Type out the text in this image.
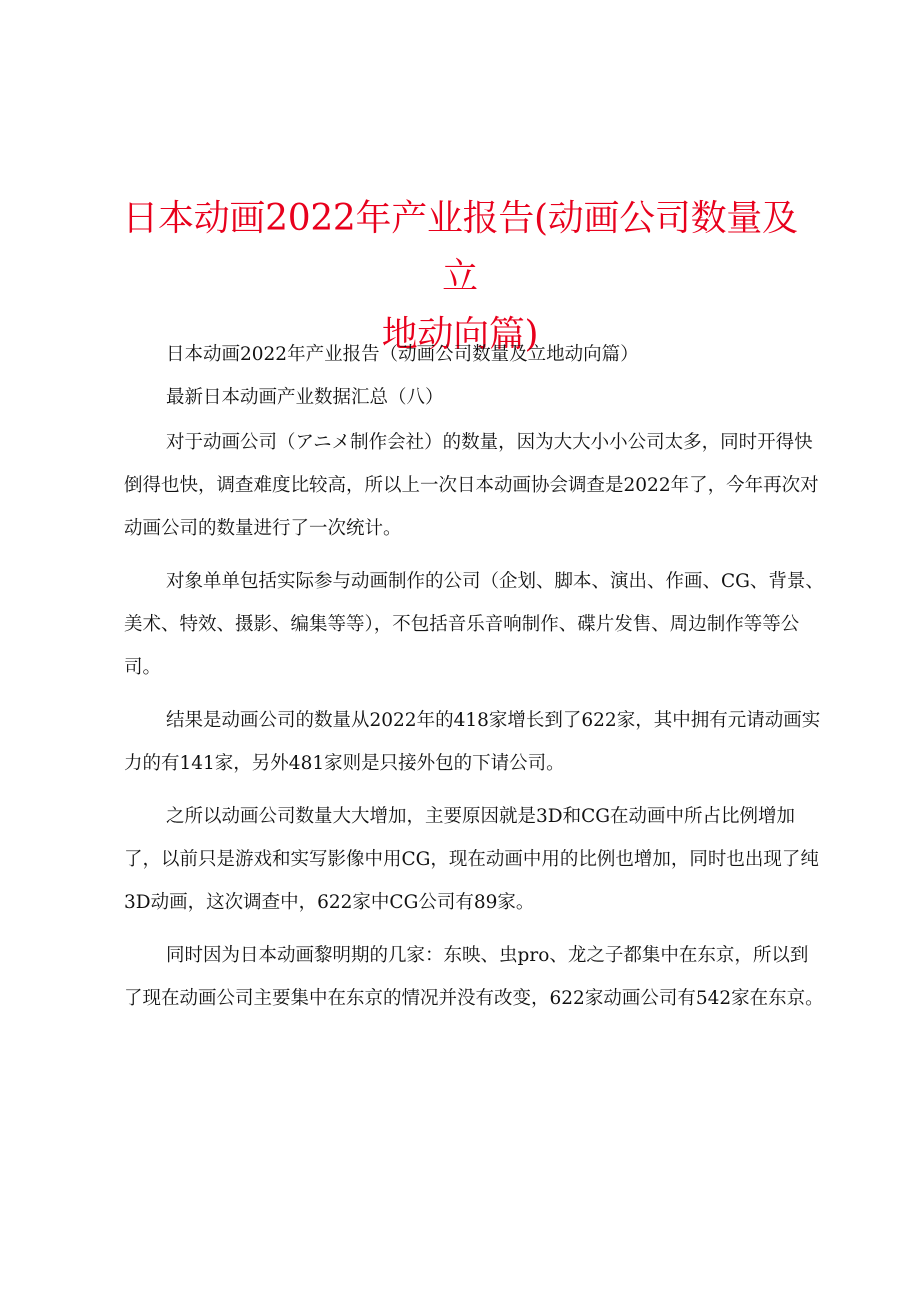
日本动画2022年产业报告(动画公司数量及立
地动向篇)

日本动画2022年产业报告（动画公司数量及立地动向篇）

最新日本动画产业数据汇总（八）

对于动画公司（アニメ制作会社）的数量，因为大大小小公司太多，同时开得快倒得也快，调查难度比较高，所以上一次日本动画协会调查是2022年了，今年再次对动画公司的数量进行了一次统计。

对象单单包括实际参与动画制作的公司（企划、脚本、演出、作画、CG、背景、美术、特效、摄影、编集等等），不包括音乐音响制作、碟片发售、周边制作等等公司。

结果是动画公司的数量从2022年的418家增长到了622家，其中拥有元请动画实力的有141家，另外481家则是只接外包的下请公司。

之所以动画公司数量大大增加，主要原因就是3D和CG在动画中所占比例增加了，以前只是游戏和实写影像中用CG，现在动画中用的比例也增加，同时也出现了纯3D动画，这次调查中，622家中CG公司有89家。

同时因为日本动画黎明期的几家：东映、虫pro、龙之子都集中在东京，所以到了现在动画公司主要集中在东京的情况并没有改变，622家动画公司有542家在东京。
